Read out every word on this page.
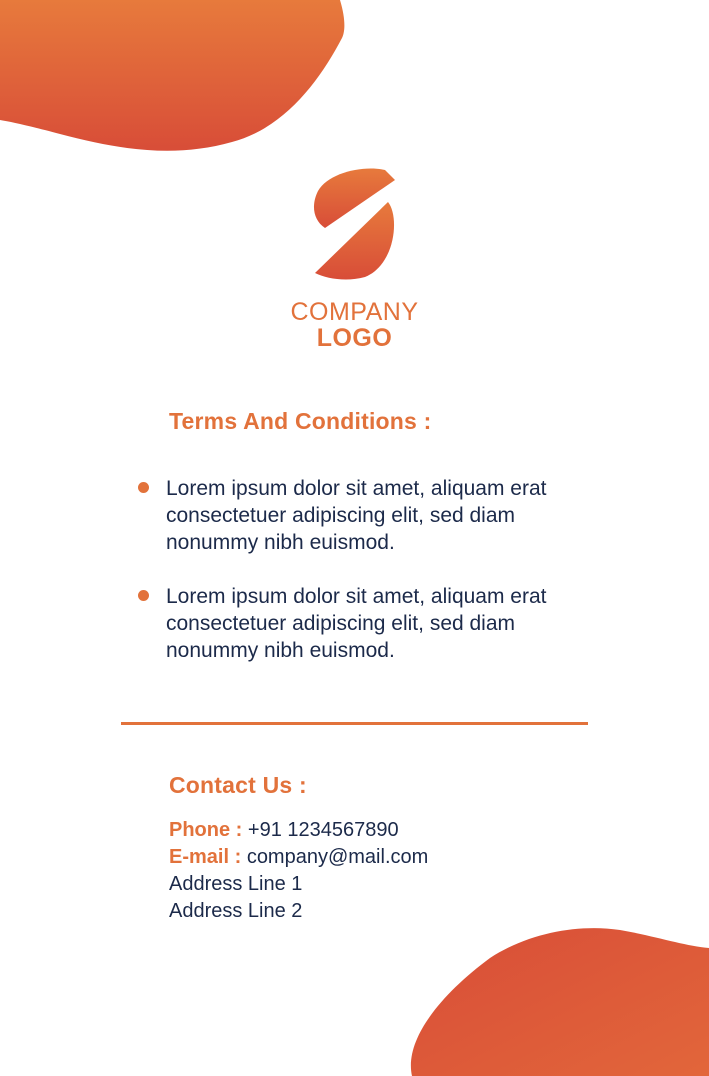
COMPANY
LOGO
Terms And Conditions :
Lorem ipsum dolor sit amet, aliquam erat consectetuer adipiscing elit, sed diam nonummy nibh euismod.
Lorem ipsum dolor sit amet, aliquam erat consectetuer adipiscing elit, sed diam nonummy nibh euismod.
Contact Us :
Phone : +91 1234567890
E-mail : company@mail.com
Address Line 1
Address Line 2
